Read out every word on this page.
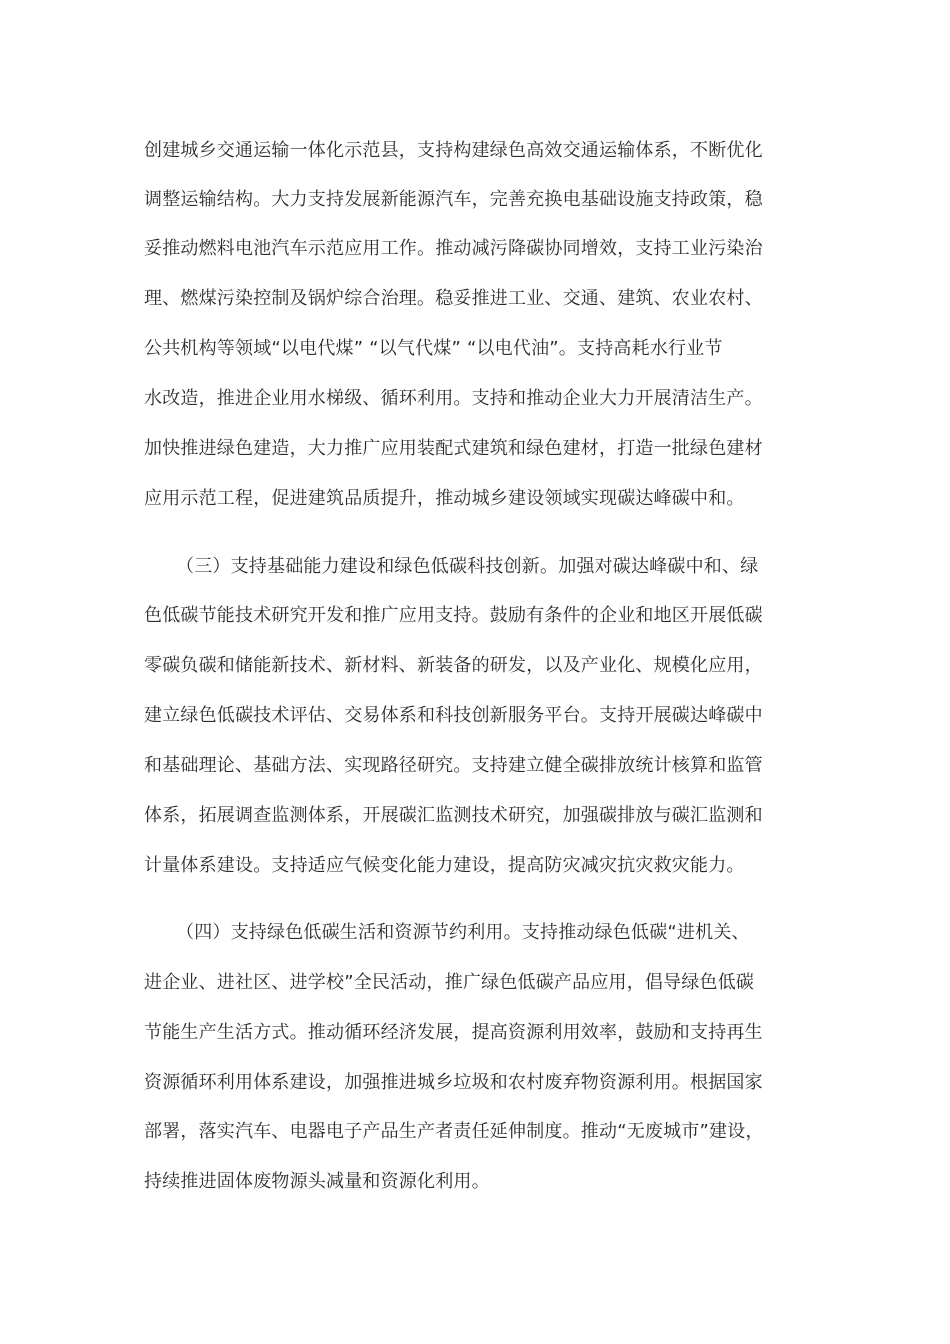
创建城乡交通运输一体化示范县，支持构建绿色高效交通运输体系，不断优化
调整运输结构。大力支持发展新能源汽车，完善充换电基础设施支持政策，稳
妥推动燃料电池汽车示范应用工作。推动减污降碳协同增效，支持工业污染治
理、燃煤污染控制及锅炉综合治理。稳妥推进工业、交通、建筑、农业农村、
公共机构等领域“以电代煤” “以气代煤” “以电代油”。支持高耗水行业节
水改造，推进企业用水梯级、循环利用。支持和推动企业大力开展清洁生产。
加快推进绿色建造，大力推广应用装配式建筑和绿色建材，打造一批绿色建材
应用示范工程，促进建筑品质提升，推动城乡建设领域实现碳达峰碳中和。
（三）支持基础能力建设和绿色低碳科技创新。加强对碳达峰碳中和、绿
色低碳节能技术研究开发和推广应用支持。鼓励有条件的企业和地区开展低碳
零碳负碳和储能新技术、新材料、新装备的研发，以及产业化、规模化应用，
建立绿色低碳技术评估、交易体系和科技创新服务平台。支持开展碳达峰碳中
和基础理论、基础方法、实现路径研究。支持建立健全碳排放统计核算和监管
体系，拓展调查监测体系，开展碳汇监测技术研究，加强碳排放与碳汇监测和
计量体系建设。支持适应气候变化能力建设，提高防灾减灾抗灾救灾能力。
（四）支持绿色低碳生活和资源节约利用。支持推动绿色低碳“进机关、
进企业、进社区、进学校”全民活动，推广绿色低碳产品应用，倡导绿色低碳
节能生产生活方式。推动循环经济发展，提高资源利用效率，鼓励和支持再生
资源循环利用体系建设，加强推进城乡垃圾和农村废弃物资源利用。根据国家
部署，落实汽车、电器电子产品生产者责任延伸制度。推动“无废城市”建设，
持续推进固体废物源头减量和资源化利用。
